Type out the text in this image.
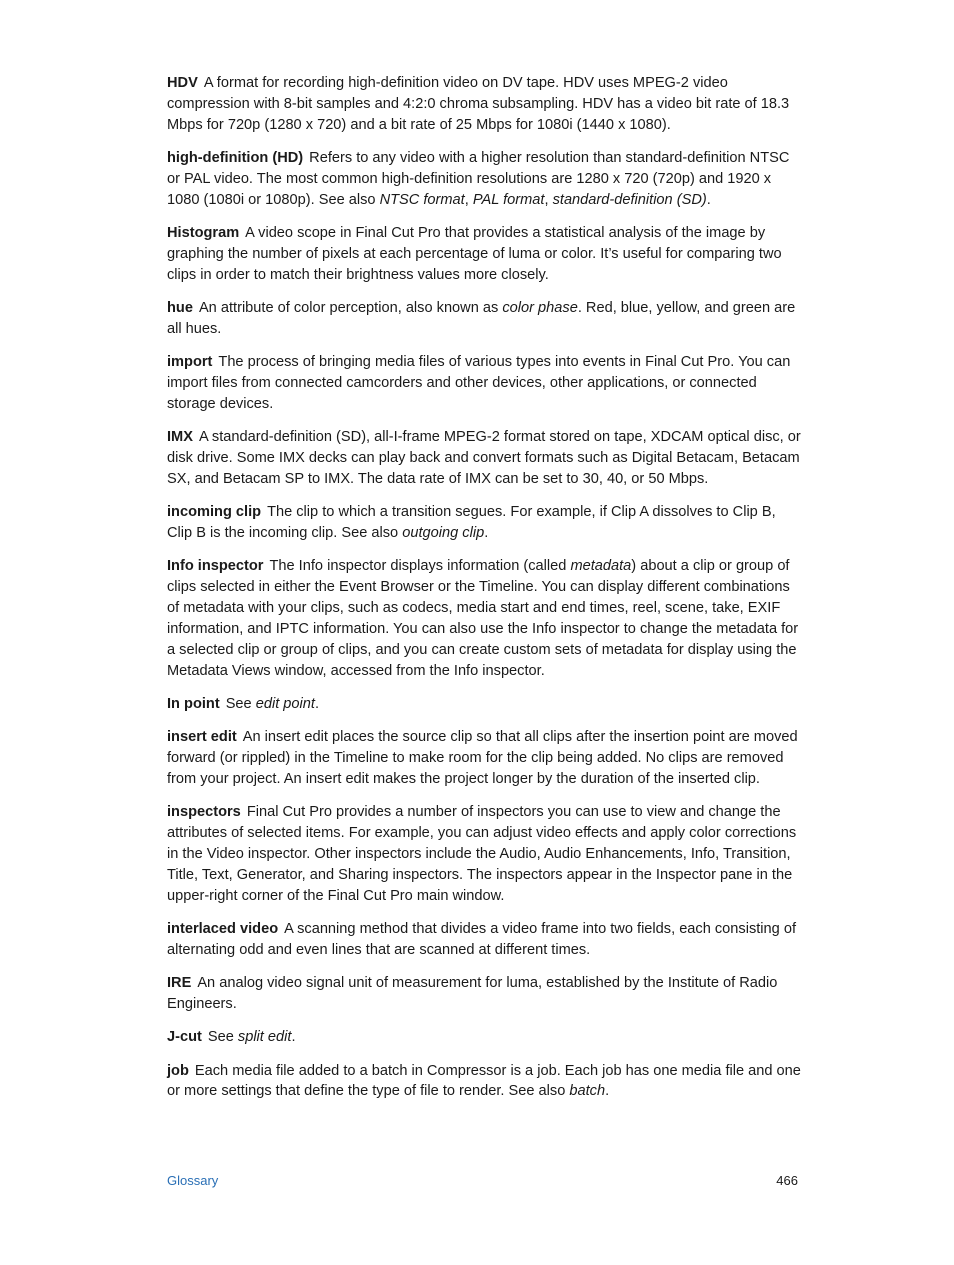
HDV A format for recording high-definition video on DV tape. HDV uses MPEG-2 video compression with 8-bit samples and 4:2:0 chroma subsampling. HDV has a video bit rate of 18.3 Mbps for 720p (1280 x 720) and a bit rate of 25 Mbps for 1080i (1440 x 1080).

high-definition (HD) Refers to any video with a higher resolution than standard-definition NTSC or PAL video. The most common high-definition resolutions are 1280 x 720 (720p) and 1920 x 1080 (1080i or 1080p). See also NTSC format, PAL format, standard-definition (SD).

Histogram A video scope in Final Cut Pro that provides a statistical analysis of the image by graphing the number of pixels at each percentage of luma or color. It’s useful for comparing two clips in order to match their brightness values more closely.

hue An attribute of color perception, also known as color phase. Red, blue, yellow, and green are all hues.

import The process of bringing media files of various types into events in Final Cut Pro. You can import files from connected camcorders and other devices, other applications, or connected storage devices.

IMX A standard-definition (SD), all-I-frame MPEG-2 format stored on tape, XDCAM optical disc, or disk drive. Some IMX decks can play back and convert formats such as Digital Betacam, Betacam SX, and Betacam SP to IMX. The data rate of IMX can be set to 30, 40, or 50 Mbps.

incoming clip The clip to which a transition segues. For example, if Clip A dissolves to Clip B, Clip B is the incoming clip. See also outgoing clip.

Info inspector The Info inspector displays information (called metadata) about a clip or group of clips selected in either the Event Browser or the Timeline. You can display different combinations of metadata with your clips, such as codecs, media start and end times, reel, scene, take, EXIF information, and IPTC information. You can also use the Info inspector to change the metadata for a selected clip or group of clips, and you can create custom sets of metadata for display using the Metadata Views window, accessed from the Info inspector.

In point See edit point.

insert edit An insert edit places the source clip so that all clips after the insertion point are moved forward (or rippled) in the Timeline to make room for the clip being added. No clips are removed from your project. An insert edit makes the project longer by the duration of the inserted clip.

inspectors Final Cut Pro provides a number of inspectors you can use to view and change the attributes of selected items. For example, you can adjust video effects and apply color corrections in the Video inspector. Other inspectors include the Audio, Audio Enhancements, Info, Transition, Title, Text, Generator, and Sharing inspectors. The inspectors appear in the Inspector pane in the upper-right corner of the Final Cut Pro main window.

interlaced video A scanning method that divides a video frame into two fields, each consisting of alternating odd and even lines that are scanned at different times.

IRE An analog video signal unit of measurement for luma, established by the Institute of Radio Engineers.

J-cut See split edit.

job Each media file added to a batch in Compressor is a job. Each job has one media file and one or more settings that define the type of file to render. See also batch.

Glossary	466
